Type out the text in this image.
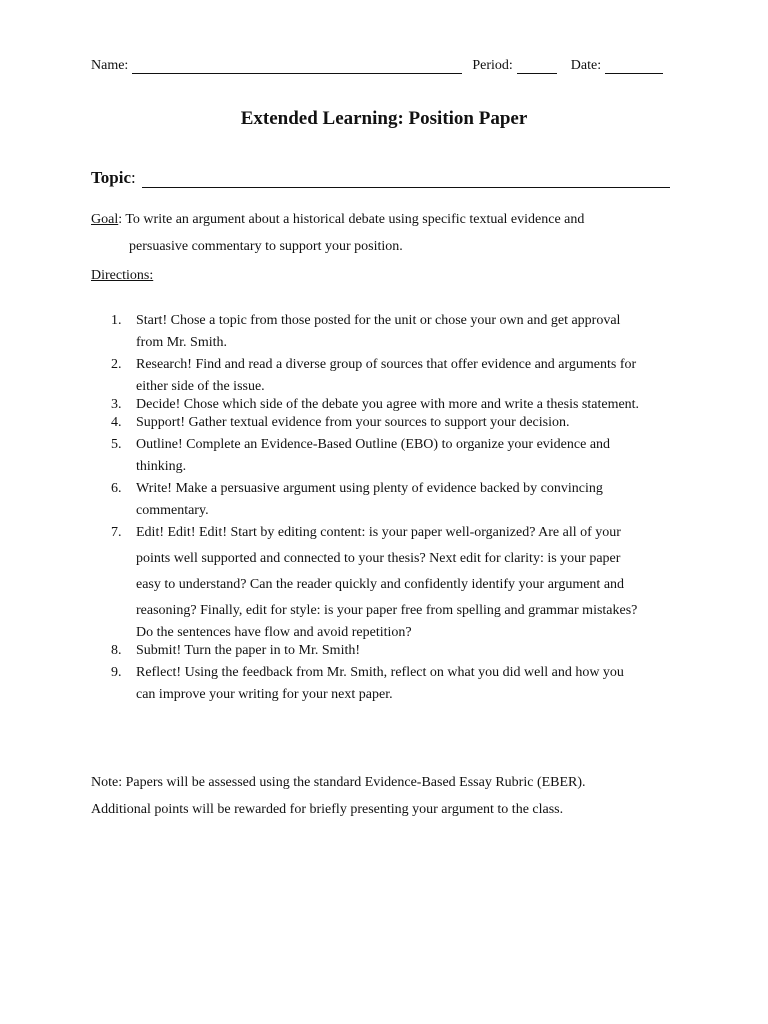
Name:	Period:	Date:
Extended Learning: Position Paper
Topic :
Goal: To write an argument about a historical debate using specific textual evidence and
persuasive commentary to support your position.
Directions:
1.	Start! Chose a topic from those posted for the unit or chose your own and get approval
from Mr. Smith.
2.	Research! Find and read a diverse group of sources that offer evidence and arguments for
either side of the issue.
3.	Decide! Chose which side of the debate you agree with more and write a thesis statement.
4.	Support! Gather textual evidence from your sources to support your decision.
5.	Outline! Complete an Evidence-Based Outline (EBO) to organize your evidence and
thinking.
6.	Write! Make a persuasive argument using plenty of evidence backed by convincing
commentary.
7.	Edit! Edit! Edit! Start by editing content: is your paper well-organized? Are all of your
points well supported and connected to your thesis? Next edit for clarity: is your paper
easy to understand? Can the reader quickly and confidently identify your argument and
reasoning? Finally, edit for style: is your paper free from spelling and grammar mistakes?
Do the sentences have flow and avoid repetition?
8.	Submit! Turn the paper in to Mr. Smith!
9.	Reflect! Using the feedback from Mr. Smith, reflect on what you did well and how you
can improve your writing for your next paper.
Note: Papers will be assessed using the standard Evidence-Based Essay Rubric (EBER).
Additional points will be rewarded for briefly presenting your argument to the class.
